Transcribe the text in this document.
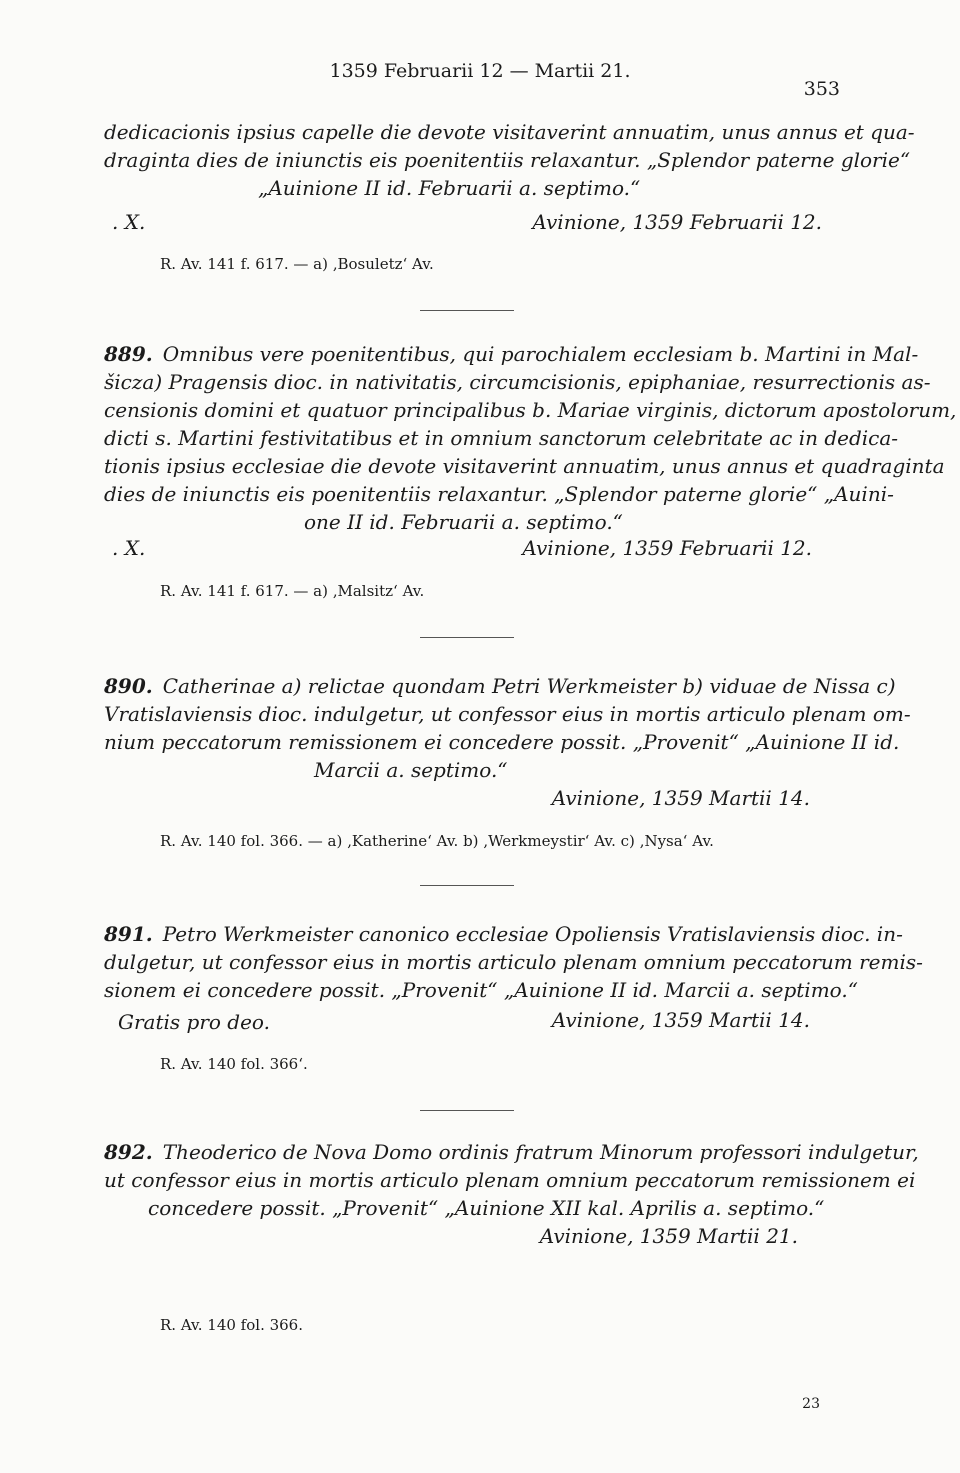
1359 Februarii 12 — Martii 21.
353
dedicacionis ipsius capelle die devote visitaverint annuatim, unus annus et qua-
draginta dies de iniunctis eis poenitentiis relaxantur. „Splendor paterne glorie“
„Auinione II id. Februarii a. septimo.“
. X.	Avinione, 1359 Februarii 12.
R. Av. 141 f. 617. — a) ‚Bosuletz‘ Av.
889. Omnibus vere poenitentibus, qui parochialem ecclesiam b. Martini in Mal-
šicza) Pragensis dioc. in nativitatis, circumcisionis, epiphaniae, resurrectionis as-
censionis domini et quatuor principalibus b. Mariae virginis, dictorum apostolorum,
dicti s. Martini festivitatibus et in omnium sanctorum celebritate ac in dedica-
tionis ipsius ecclesiae die devote visitaverint annuatim, unus annus et quadraginta
dies de iniunctis eis poenitentiis relaxantur. „Splendor paterne glorie“ „Auini-
one II id. Februarii a. septimo.“
. X.	Avinione, 1359 Februarii 12.
R. Av. 141 f. 617. — a) ‚Malsitz‘ Av.
890. Catherinae a) relictae quondam Petri Werkmeister b) viduae de Nissa c)
Vratislaviensis dioc. indulgetur, ut confessor eius in mortis articulo plenam om-
nium peccatorum remissionem ei concedere possit. „Provenit“ „Auinione II id.
Marcii a. septimo.“
Avinione, 1359 Martii 14.
R. Av. 140 fol. 366. — a) ‚Katherine‘ Av. b) ‚Werkmeystir‘ Av. c) ‚Nysa‘ Av.
891. Petro Werkmeister canonico ecclesiae Opoliensis Vratislaviensis dioc. in-
dulgetur, ut confessor eius in mortis articulo plenam omnium peccatorum remis-
sionem ei concedere possit. „Provenit“ „Auinione II id. Marcii a. septimo.“
Gratis pro deo.	Avinione, 1359 Martii 14.
R. Av. 140 fol. 366‘.
892. Theoderico de Nova Domo ordinis fratrum Minorum professori indulgetur,
ut confessor eius in mortis articulo plenam omnium peccatorum remissionem ei
concedere possit. „Provenit“ „Auinione XII kal. Aprilis a. septimo.“
Avinione, 1359 Martii 21.
R. Av. 140 fol. 366.
23
